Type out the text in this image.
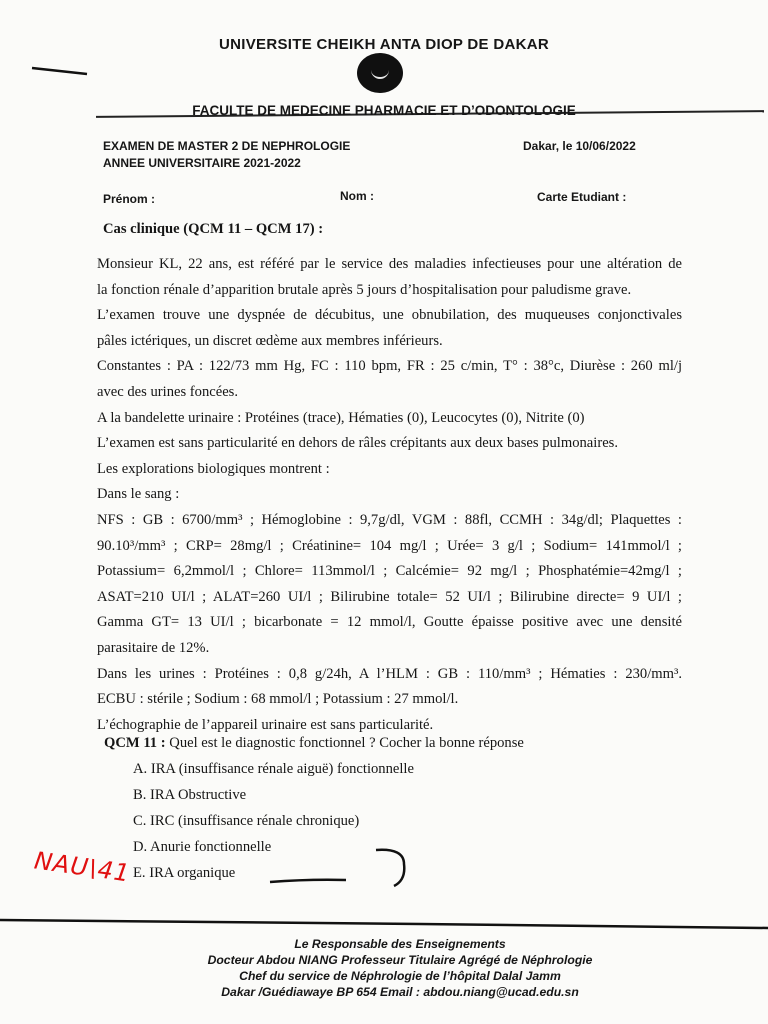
UNIVERSITE CHEIKH ANTA DIOP DE DAKAR
FACULTE DE MEDECINE PHARMACIE ET D’ODONTOLOGIE
EXAMEN DE MASTER 2 DE NEPHROLOGIE
ANNEE UNIVERSITAIRE 2021-2022
Dakar, le 10/06/2022
Prénom :	Nom :	Carte Etudiant :
Cas clinique (QCM 11 – QCM 17) :

Monsieur KL, 22 ans, est référé par le service des maladies infectieuses pour une altération de

la fonction rénale d’apparition brutale après 5 jours d’hospitalisation pour paludisme grave.

L’examen trouve une dyspnée de décubitus, une obnubilation, des muqueuses conjonctivales

pâles ictériques, un discret œdème aux membres inférieurs.

Constantes : PA : 122/73 mm Hg, FC : 110 bpm, FR : 25 c/min, T° : 38°c, Diurèse : 260 ml/j

avec des urines foncées.

A la bandelette urinaire : Protéines (trace), Hématies (0), Leucocytes (0), Nitrite (0)

L’examen est sans particularité en dehors de râles crépitants aux deux bases pulmonaires.

Les explorations biologiques montrent :

Dans le sang :

NFS : GB : 6700/mm³ ; Hémoglobine : 9,7g/dl, VGM : 88fl, CCMH : 34g/dl; Plaquettes :

90.10³/mm³ ; CRP= 28mg/l ; Créatinine= 104 mg/l ; Urée= 3 g/l ; Sodium= 141mmol/l ;

Potassium= 6,2mmol/l ; Chlore= 113mmol/l ; Calcémie= 92 mg/l ; Phosphatémie=42mg/l ;

ASAT=210 UI/l ; ALAT=260 UI/l ; Bilirubine totale= 52 UI/l ; Bilirubine directe= 9 UI/l ;

Gamma GT= 13 UI/l ; bicarbonate = 12 mmol/l, Goutte épaisse positive avec une densité

parasitaire de 12%.

Dans les urines : Protéines : 0,8 g/24h, A l’HLM : GB : 110/mm³ ; Hématies : 230/mm³.

ECBU : stérile ; Sodium : 68 mmol/l ; Potassium : 27 mmol/l.

L’échographie de l’appareil urinaire est sans particularité.

QCM 11 : Quel est le diagnostic fonctionnel ? Cocher la bonne réponse
A. IRA (insuffisance rénale aiguë) fonctionnelle
B. IRA Obstructive
C. IRC (insuffisance rénale chronique)
D. Anurie fonctionnelle
E. IRA organique
NAU\41
Le Responsable des Enseignements
Docteur Abdou NIANG Professeur Titulaire Agrégé de Néphrologie
Chef du service de Néphrologie de l’hôpital Dalal Jamm
Dakar /Guédiawaye BP 654 Email : abdou.niang@ucad.edu.sn
